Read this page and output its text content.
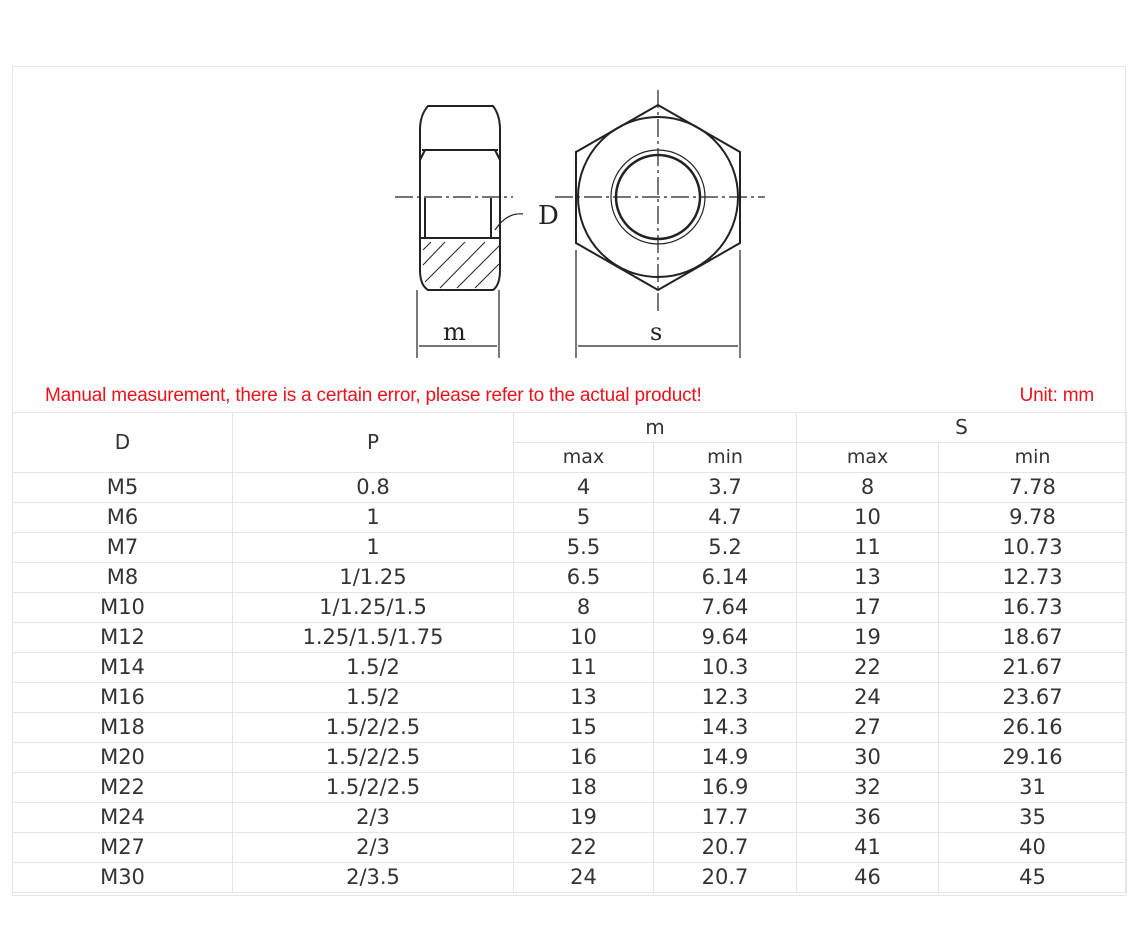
D
m	s
Manual measurement, there is a certain error, please refer to the actual product!	Unit: mm
D	P	m		S	
		max	min	max	min
M5	0.8	4	3.7	8	7.78
M6	1	5	4.7	10	9.78
M7	1	5.5	5.2	11	10.73
M8	1/1.25	6.5	6.14	13	12.73
M10	1/1.25/1.5	8	7.64	17	16.73
M12	1.25/1.5/1.75	10	9.64	19	18.67
M14	1.5/2	11	10.3	22	21.67
M16	1.5/2	13	12.3	24	23.67
M18	1.5/2/2.5	15	14.3	27	26.16
M20	1.5/2/2.5	16	14.9	30	29.16
M22	1.5/2/2.5	18	16.9	32	31
M24	2/3	19	17.7	36	35
M27	2/3	22	20.7	41	40
M30	2/3.5	24	20.7	46	45
